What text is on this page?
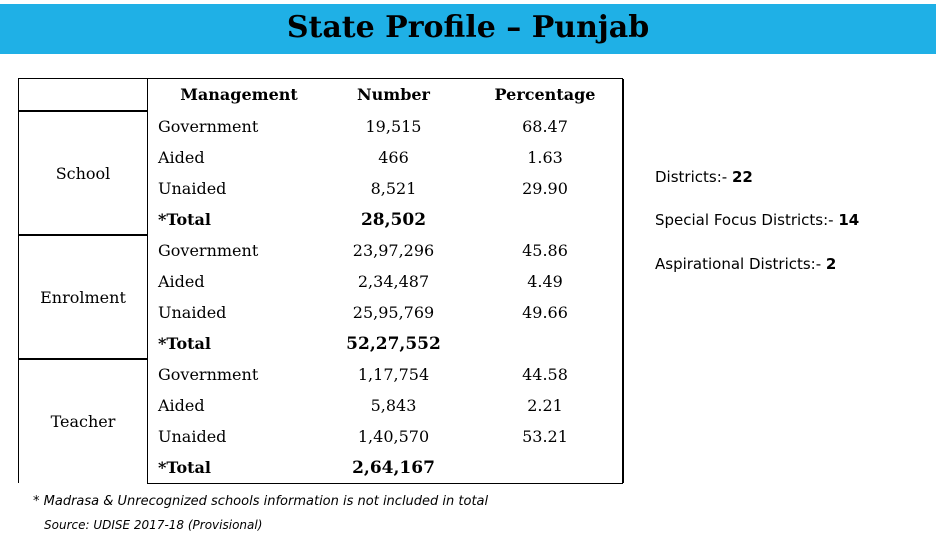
State Profile – Punjab
	Management	Number	Percentage
School	Government	19,515	68.47
	Aided	466	1.63
	Unaided	8,521	29.90
	*Total	28,502	
Enrolment	Government	23,97,296	45.86
	Aided	2,34,487	4.49
	Unaided	25,95,769	49.66
	*Total	52,27,552	
Teacher	Government	1,17,754	44.58
	Aided	5,843	2.21
	Unaided	1,40,570	53.21
	*Total	2,64,167	
Districts:- 22
Special Focus Districts:- 14
Aspirational Districts:- 2
* Madrasa & Unrecognized schools information is not included in total
Source: UDISE 2017-18 (Provisional)
